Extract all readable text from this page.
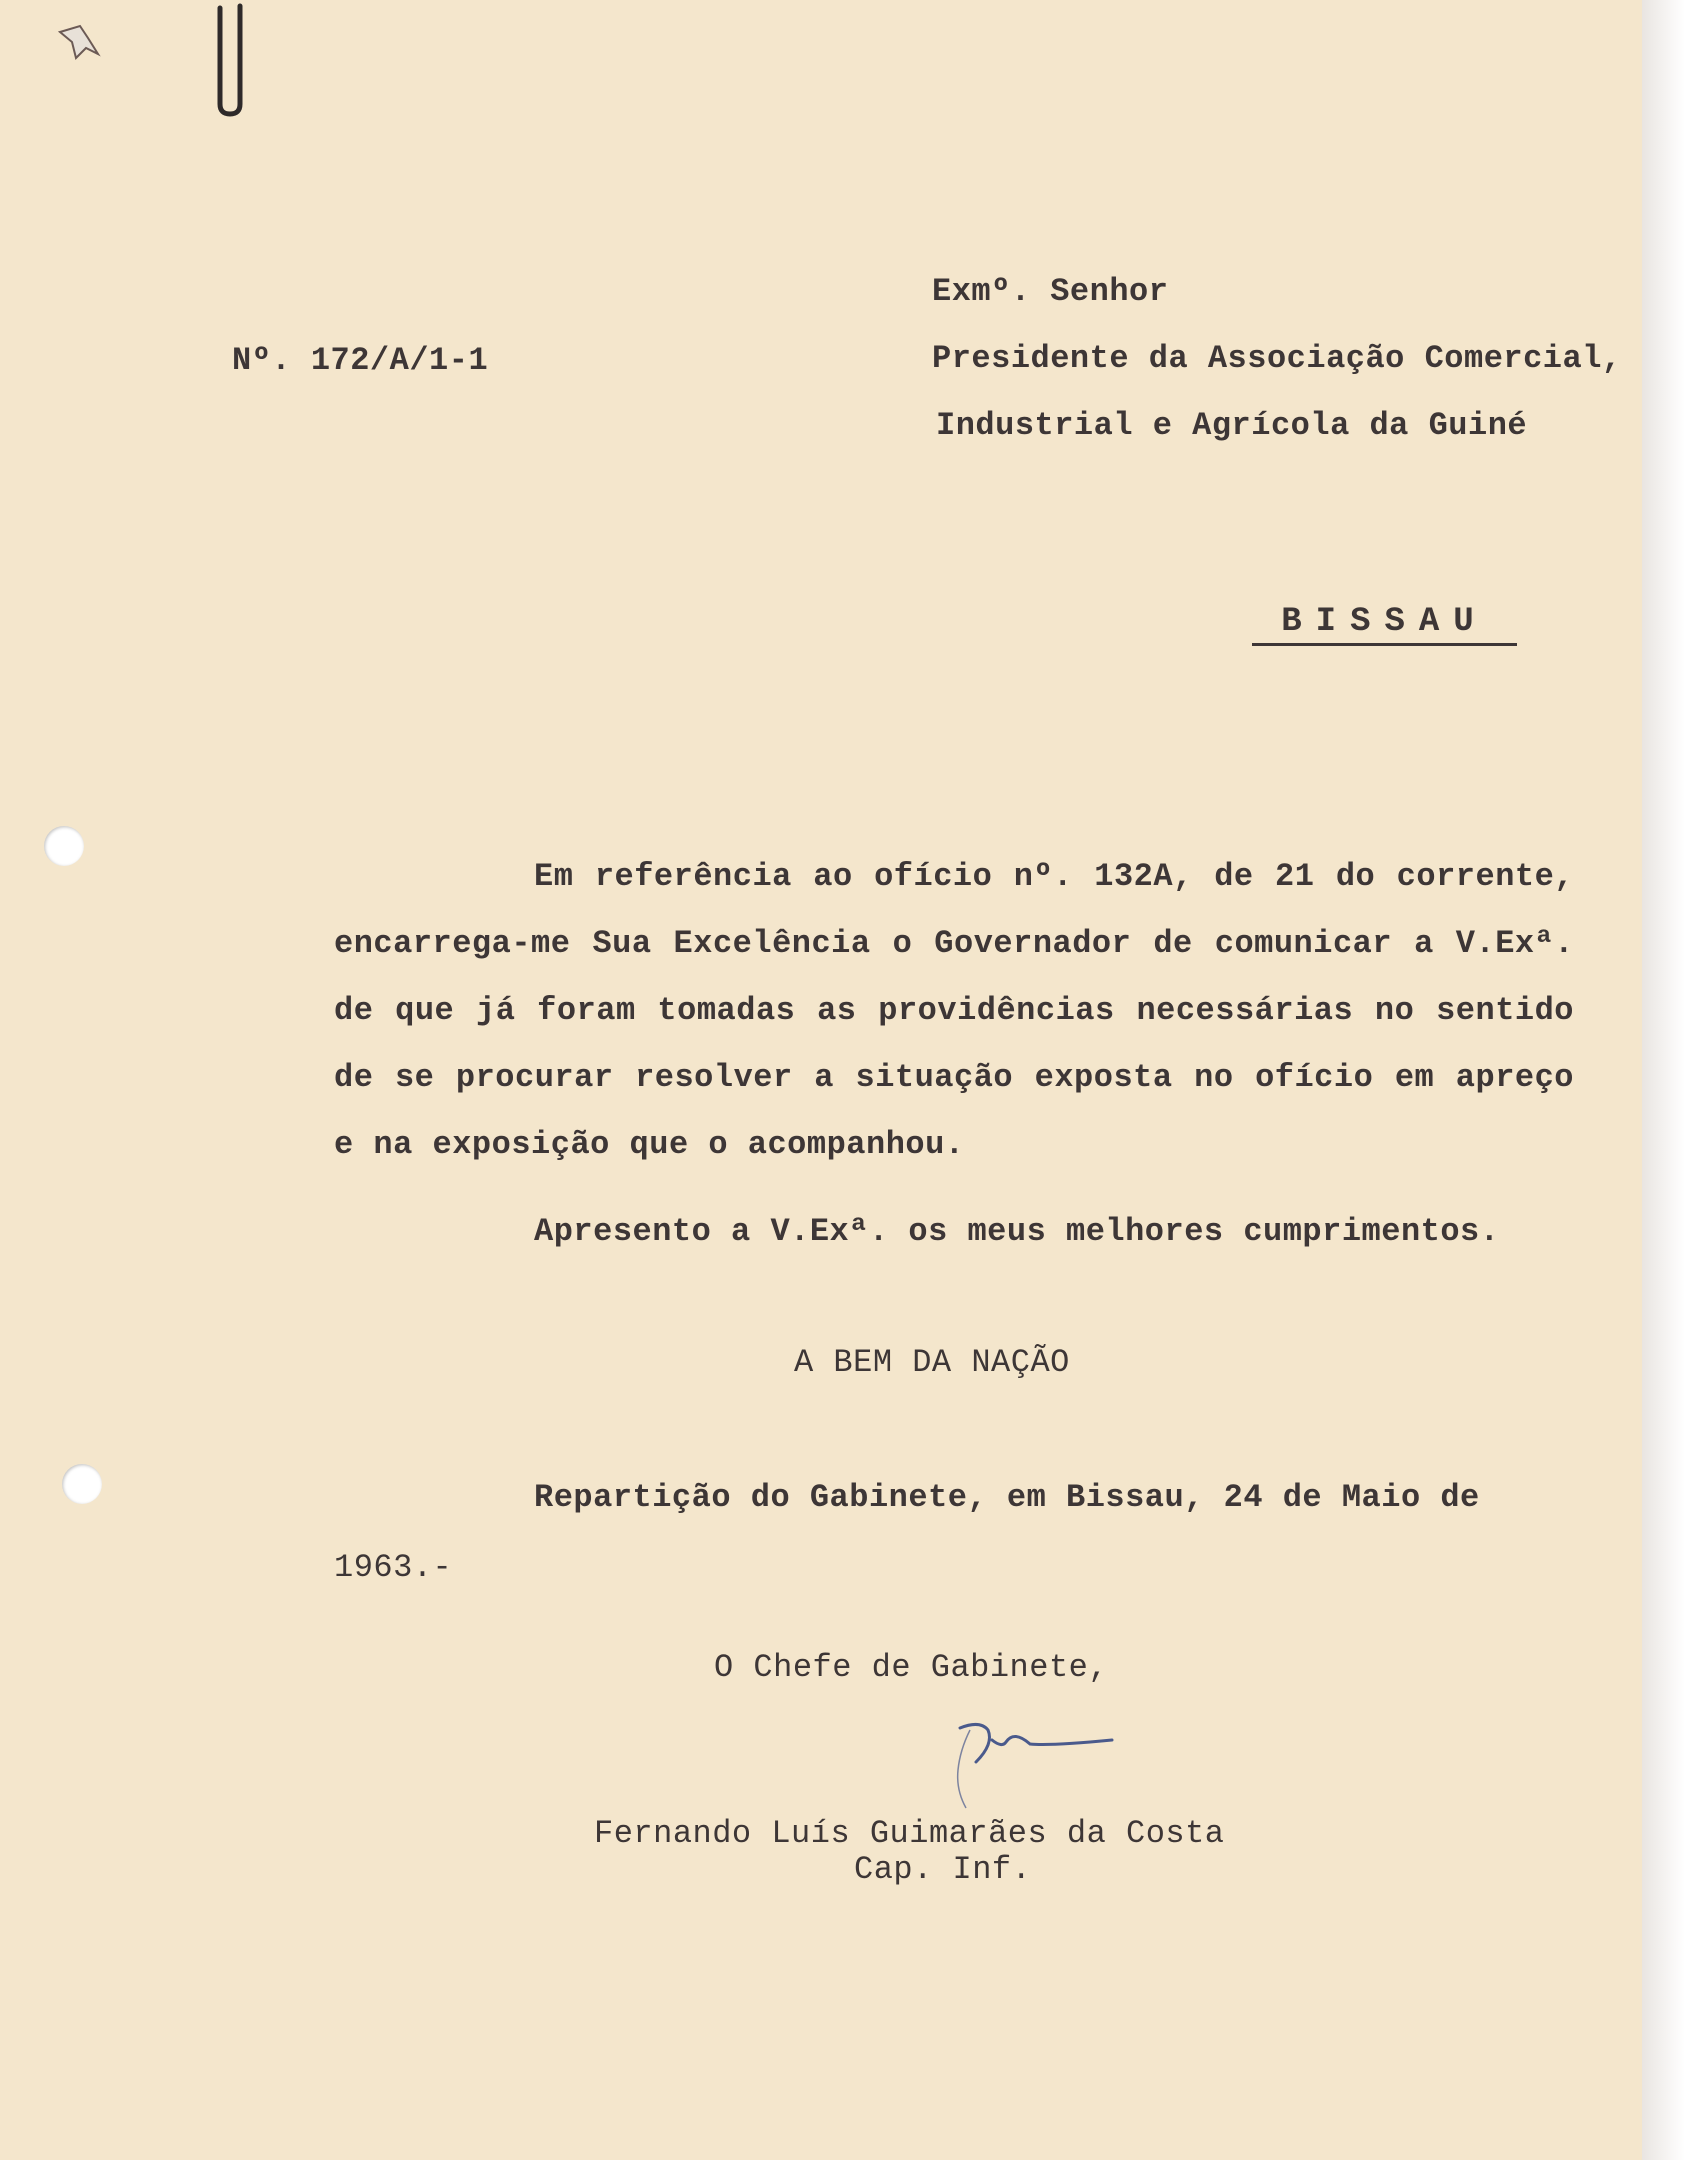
Exmº. Senhor

Nº. 172/A/1-1	Presidente da Associação Comercial,

Industrial e Agrícola da Guiné

BISSAU

Em referência ao ofício nº. 132A, de 21 do corrente, encarrega-me Sua Excelência o Governador de comunicar a V.Exª. de que já foram tomadas as providências necessárias no sentido de se procurar resolver a situação exposta no ofício em apreço e na exposição que o acompanhou.

Apresento a V.Exª. os meus melhores cumprimentos.

A BEM DA NAÇÃO

Repartição do Gabinete, em Bissau, 24 de Maio de

1963.-

O Chefe de Gabinete,

Fernando Luís Guimarães da Costa

Cap. Inf.
